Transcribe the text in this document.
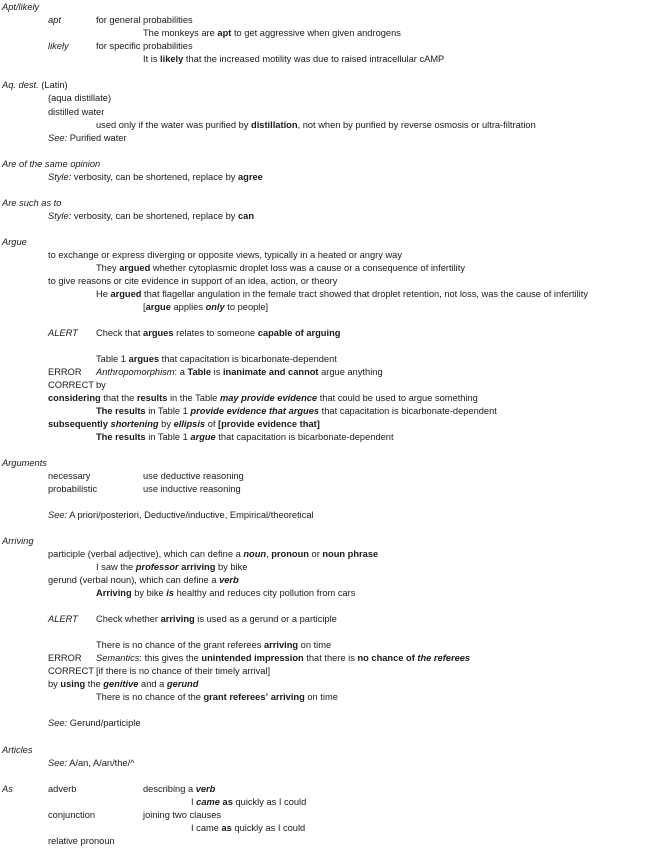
Apt/likely
apt	for general probabilities
The monkeys are apt to get aggressive when given androgens
likely	for specific probabilities
It is likely that the increased motility was due to raised intracellular cAMP
Aq. dest. (Latin)
(aqua distillate)
distilled water
used only if the water was purified by distillation, not when by purified by reverse osmosis or ultra-filtration
See: Purified water
Are of the same opinion
Style: verbosity, can be shortened, replace by agree
Are such as to
Style: verbosity, can be shortened, replace by can
Argue
to exchange or express diverging or opposite views, typically in a heated or angry way
They argued whether cytoplasmic droplet loss was a cause or a consequence of infertility
to give reasons or cite evidence in support of an idea, action, or theory
He argued that flagellar angulation in the female tract showed that droplet retention, not loss, was the cause of infertility
[argue applies only to people]
ALERT Check that argues relates to someone capable of arguing
Table 1 argues that capacitation is bicarbonate-dependent
ERROR Anthropomorphism: a Table is inanimate and cannot argue anything
CORRECT by
considering that the results in the Table may provide evidence that could be used to argue something
The results in Table 1 provide evidence that argues that capacitation is bicarbonate-dependent
subsequently shortening by ellipsis of [provide evidence that]
The results in Table 1 argue that capacitation is bicarbonate-dependent
Arguments
necessary	use deductive reasoning
probabilistic	use inductive reasoning
See: A priori/posteriori, Deductive/inductive, Empirical/theoretical
Arriving
participle (verbal adjective), which can define a noun, pronoun or noun phrase
I saw the professor arriving by bike
gerund (verbal noun), which can define a verb
Arriving by bike is healthy and reduces city pollution from cars
ALERT Check whether arriving is used as a gerund or a participle
There is no chance of the grant referees arriving on time
ERROR Semantics: this gives the unintended impression that there is no chance of the referees
CORRECT [if there is no chance of their timely arrival]
by using the genitive and a gerund
There is no chance of the grant referees’ arriving on time
See: Gerund/participle
Articles
See: A/an, A/an/the/^
As	adverb	describing a verb
I came as quickly as I could
conjunction	joining two clauses
I came as quickly as I could
relative pronoun
